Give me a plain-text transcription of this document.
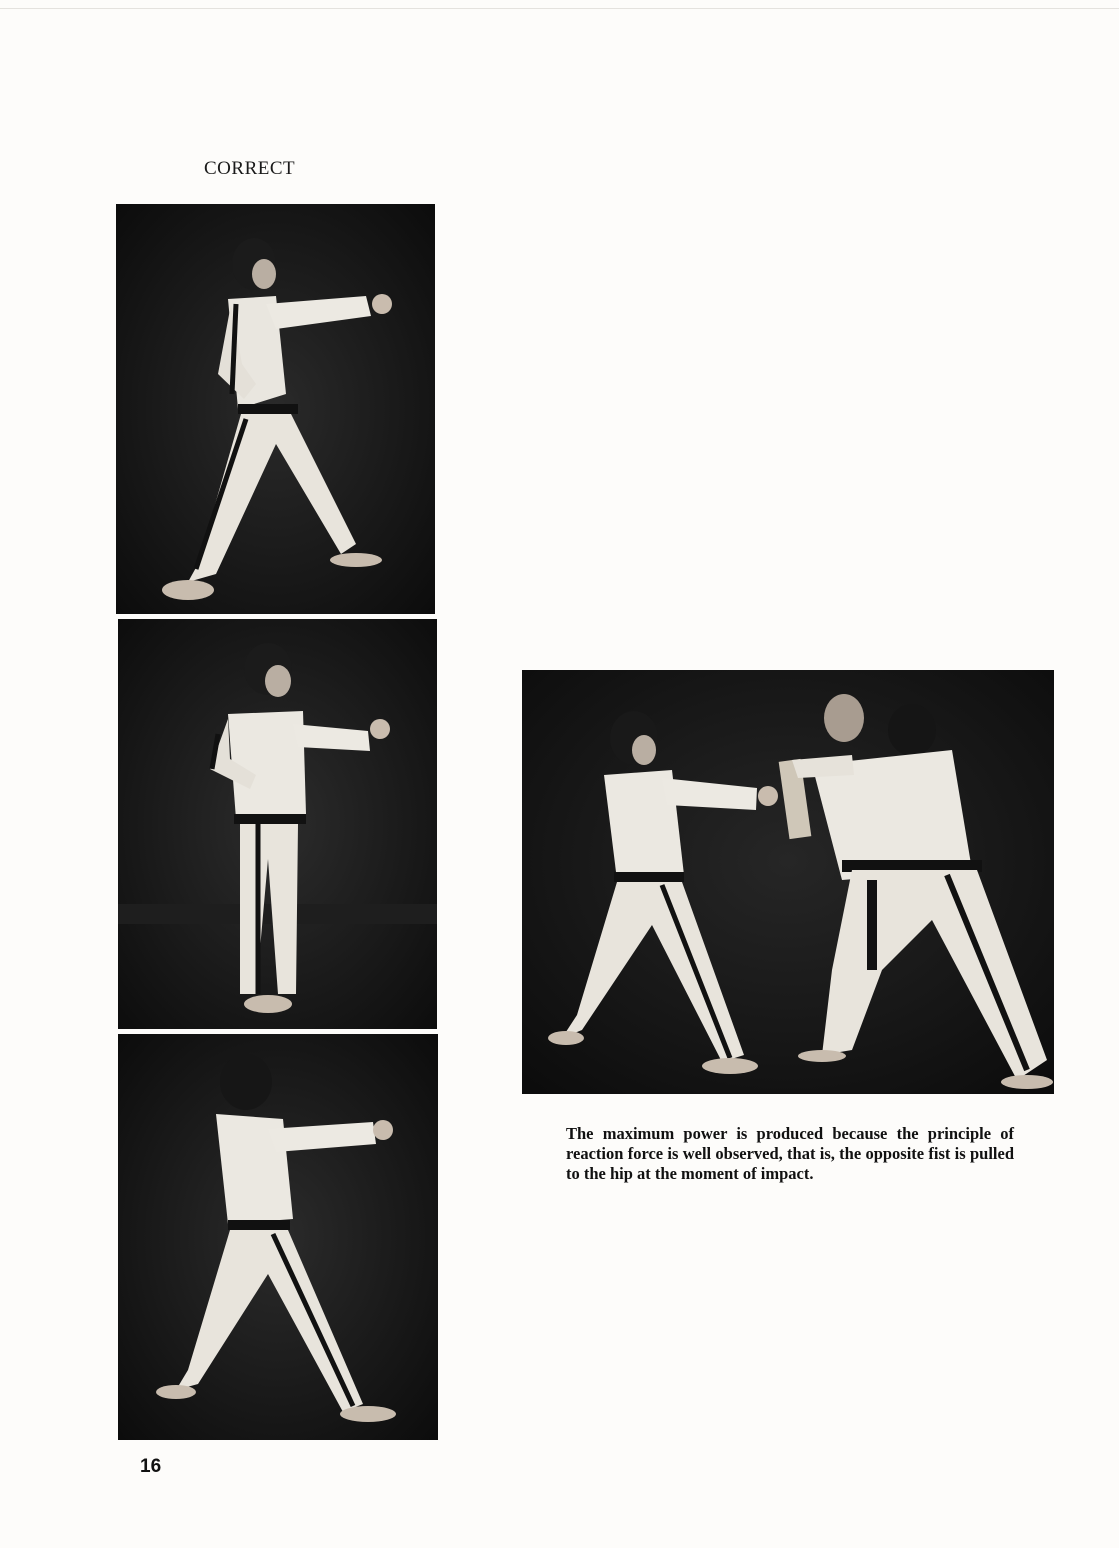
CORRECT
The maximum power is produced because the principle of reaction force is well observed, that is, the opposite fist is pulled to the hip at the moment of impact.
16
